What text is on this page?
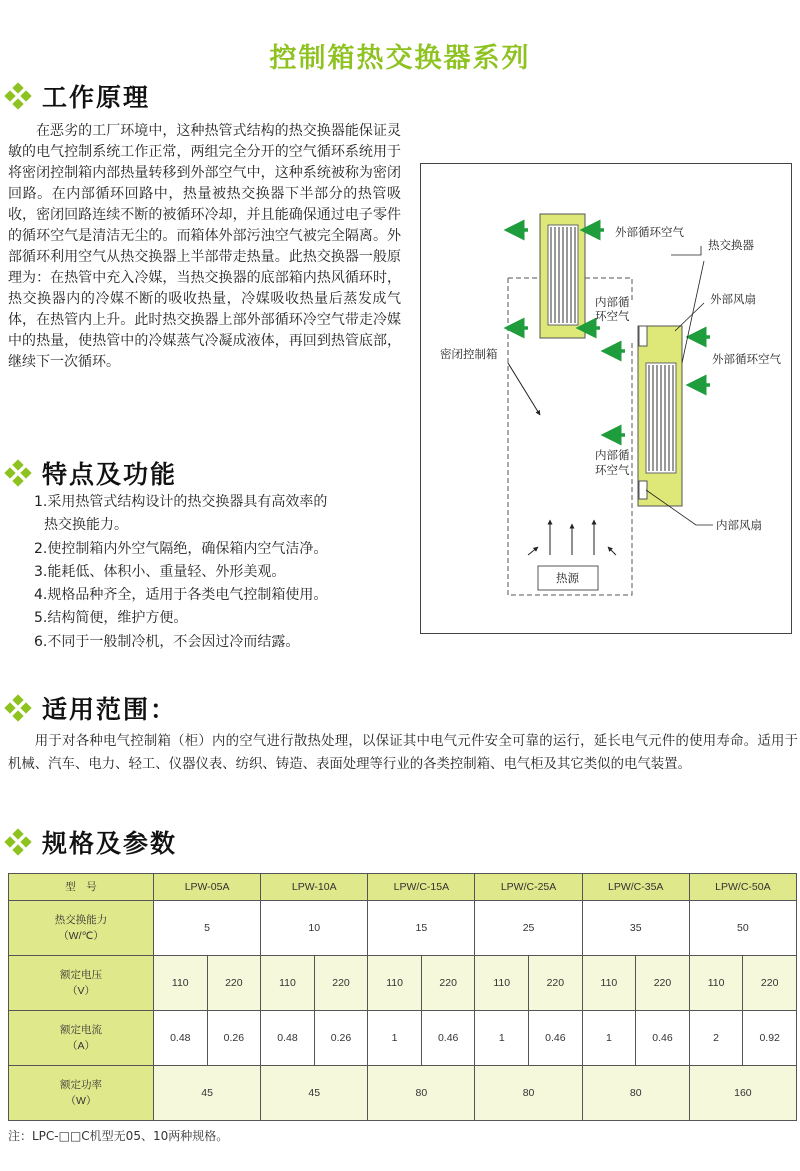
控制箱热交换器系列
工作原理

在恶劣的工厂环境中，这种热管式结构的热交换器能保证灵敏的电气控制系统工作正常，两组完全分开的空气循环系统用于将密闭控制箱内部热量转移到外部空气中，这种系统被称为密闭回路。在内部循环回路中，热量被热交换器下半部分的热管吸收，密闭回路连续不断的被循环冷却，并且能确保通过电子零件的循环空气是清洁无尘的。而箱体外部污浊空气被完全隔离。外部循环利用空气从热交换器上半部带走热量。此热交换器一般原理为：在热管中充入冷媒，当热交换器的底部箱内热风循环时，热交换器内的冷媒不断的吸收热量，冷媒吸收热量后蒸发成气体，在热管内上升。此时热交换器上部外部循环冷空气带走冷媒中的热量，使热管中的冷媒蒸气冷凝成液体，再回到热管底部，继续下一次循环。

外部循环空气
热交换器
外部风扇
外部循环空气
内部循
环空气
密闭控制箱
内部循
环空气
内部风扇
热源
特点及功能
1.采用热管式结构设计的热交换器具有高效率的
热交换能力。
2.使控制箱内外空气隔绝，确保箱内空气洁净。
3.能耗低、体积小、重量轻、外形美观。
4.规格品种齐全，适用于各类电气控制箱使用。
5.结构简便，维护方便。
6.不同于一般制冷机，不会因过冷而结露。
适用范围：

用于对各种电气控制箱（柜）内的空气进行散热处理，以保证其中电气元件安全可靠的运行，延长电气元件的使用寿命。适用于机械、汽车、电力、轻工、仪器仪表、纺织、铸造、表面处理等行业的各类控制箱、电气柜及其它类似的电气装置。

规格及参数
型　号	LPW-05A		LPW-10A		LPW/C-15A		LPW/C-25A		LPW/C-35A		LPW/C-50A	
热交换能力
（W/℃）	5		10		15		25		35		50	
额定电压
（V）	110	220	110	220	110	220	110	220	110	220	110	220
额定电流
（A）	0.48	0.26	0.48	0.26	1	0.46	1	0.46	1	0.46	2	0.92
额定功率
（W）	45		45		80		80		80		160	
注：LPC-□□C机型无05、10两种规格。
